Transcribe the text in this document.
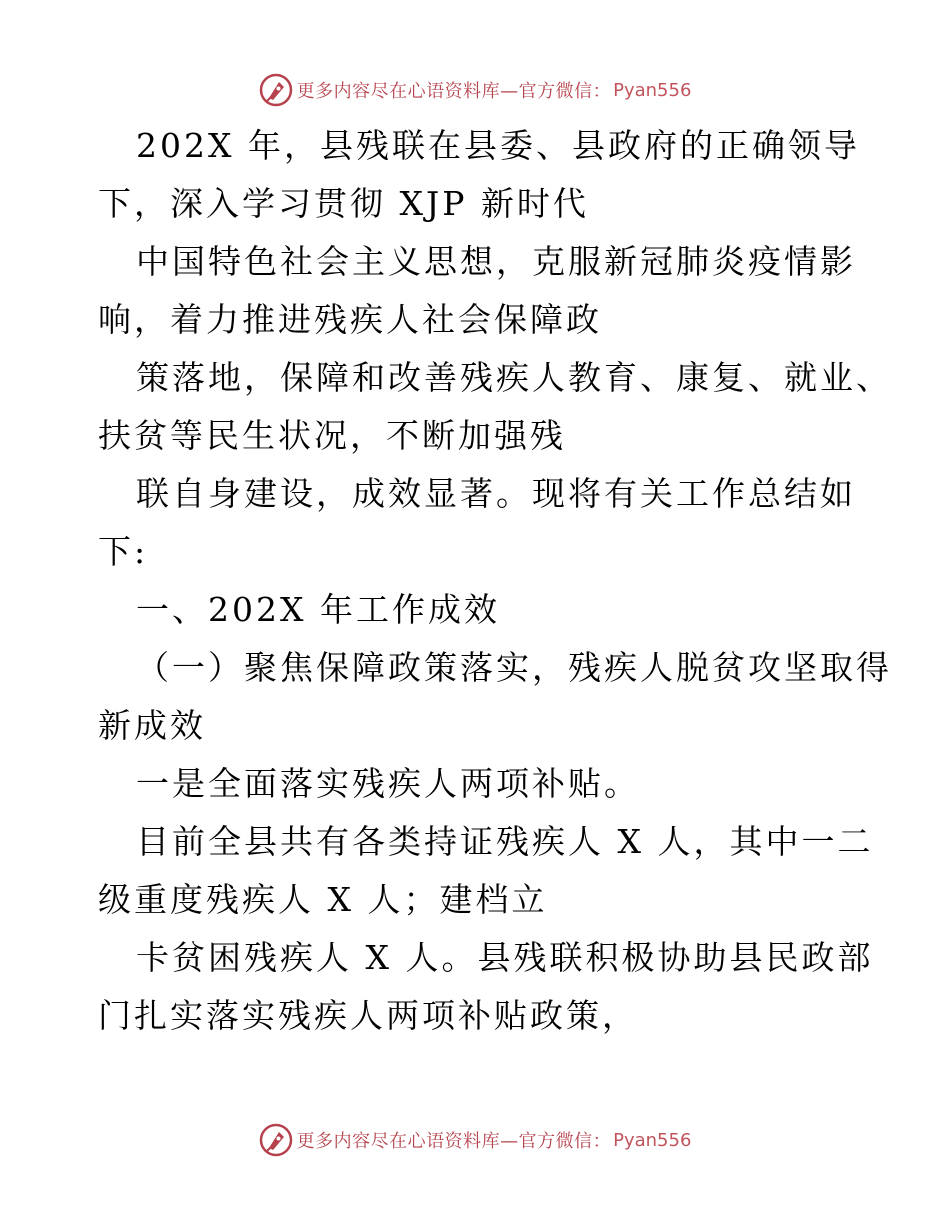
更多内容尽在心语资料库—官方微信： Pyan556
202X 年，县残联在县委、县政府的正确领导
下，深入学习贯彻 XJP 新时代
中国特色社会主义思想，克服新冠肺炎疫情影
响，着力推进残疾人社会保障政
策落地，保障和改善残疾人教育、康复、就业、
扶贫等民生状况，不断加强残
联自身建设，成效显著。现将有关工作总结如
下:
一、202X 年工作成效
（一）聚焦保障政策落实，残疾人脱贫攻坚取得
新成效
一是全面落实残疾人两项补贴。
目前全县共有各类持证残疾人 X 人，其中一二
级重度残疾人 X 人；建档立
卡贫困残疾人 X 人。县残联积极协助县民政部
门扎实落实残疾人两项补贴政策，
更多内容尽在心语资料库—官方微信： Pyan556
